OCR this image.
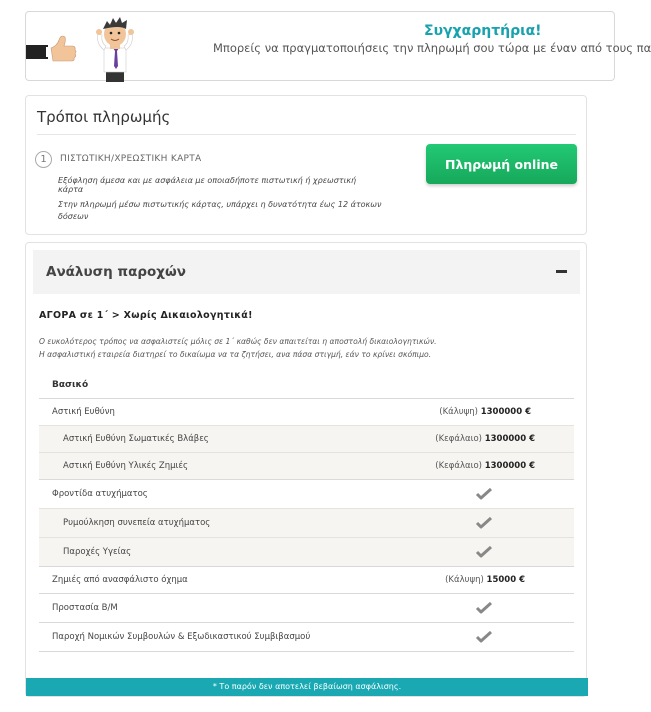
Συγχαρητήρια!
Μπορείς να πραγματοποιήσεις την πληρωμή σου τώρα με έναν από τους πα
Τρόποι πληρωμής
1	ΠΙΣΤΩΤΙΚΗ/ΧΡΕΩΣΤΙΚΗ ΚΑΡΤΑ
Εξόφληση άμεσα και με ασφάλεια με οποιαδήποτε πιστωτική ή χρεωστική κάρτα
Στην πληρωμή μέσω πιστωτικής κάρτας, υπάρχει η δυνατότητα έως 12 άτοκων δόσεων
Πληρωμή online
Ανάλυση παροχών
ΑΓΟΡΑ σε 1΄ > Χωρίς Δικαιολογητικά!
Ο ευκολότερος τρόπος να ασφαλιστείς μόλις σε 1΄ καθώς δεν απαιτείται η αποστολή δικαιολογητικών.
Η ασφαλιστική εταιρεία διατηρεί το δικαίωμα να τα ζητήσει, ανα πάσα στιγμή, εάν το κρίνει σκόπιμο.
Βασικό
Αστική Ευθύνη	(Κάλυψη) 1300000 €
Αστική Ευθύνη Σωματικές Βλάβες	(Κεφάλαιο) 1300000 €
Αστική Ευθύνη Υλικές Ζημιές	(Κεφάλαιο) 1300000 €
Φροντίδα ατυχήματος
Ρυμούλκηση συνεπεία ατυχήματος
Παροχές Υγείας
Ζημιές από ανασφάλιστο όχημα	(Κάλυψη) 15000 €
Προστασία Β/Μ
Παροχή Νομικών Συμβουλών & Εξωδικαστικού Συμβιβασμού
* Το παρόν δεν αποτελεί βεβαίωση ασφάλισης.
